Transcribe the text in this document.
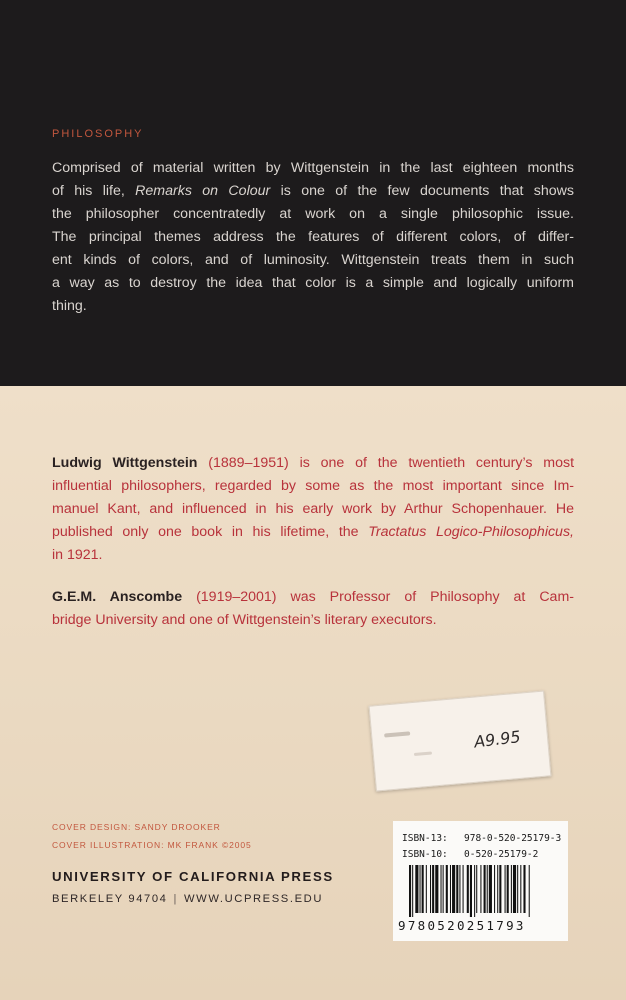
PHILOSOPHY
Comprised of material written by Wittgenstein in the last eighteen months
of his life, Remarks on Colour is one of the few documents that shows
the philosopher concentratedly at work on a single philosophic issue.
The principal themes address the features of different colors, of differ-
ent kinds of colors, and of luminosity. Wittgenstein treats them in such
a way as to destroy the idea that color is a simple and logically uniform
thing.
Ludwig Wittgenstein (1889–1951) is one of the twentieth century’s most
influential philosophers, regarded by some as the most important since Im-
manuel Kant, and influenced in his early work by Arthur Schopenhauer. He
published only one book in his lifetime, the Tractatus Logico-Philosophicus,
in 1921.
G.E.M. Anscombe (1919–2001) was Professor of Philosophy at Cam-
bridge University and one of Wittgenstein’s literary executors.
A9.95
COVER DESIGN: SANDY DROOKER
COVER ILLUSTRATION: MK FRANK ©2005
UNIVERSITY OF CALIFORNIA PRESS
BERKELEY 94704 | WWW.UCPRESS.EDU
ISBN-13: 978-0-520-25179-3
ISBN-10: 0-520-25179-2
9780520251793
